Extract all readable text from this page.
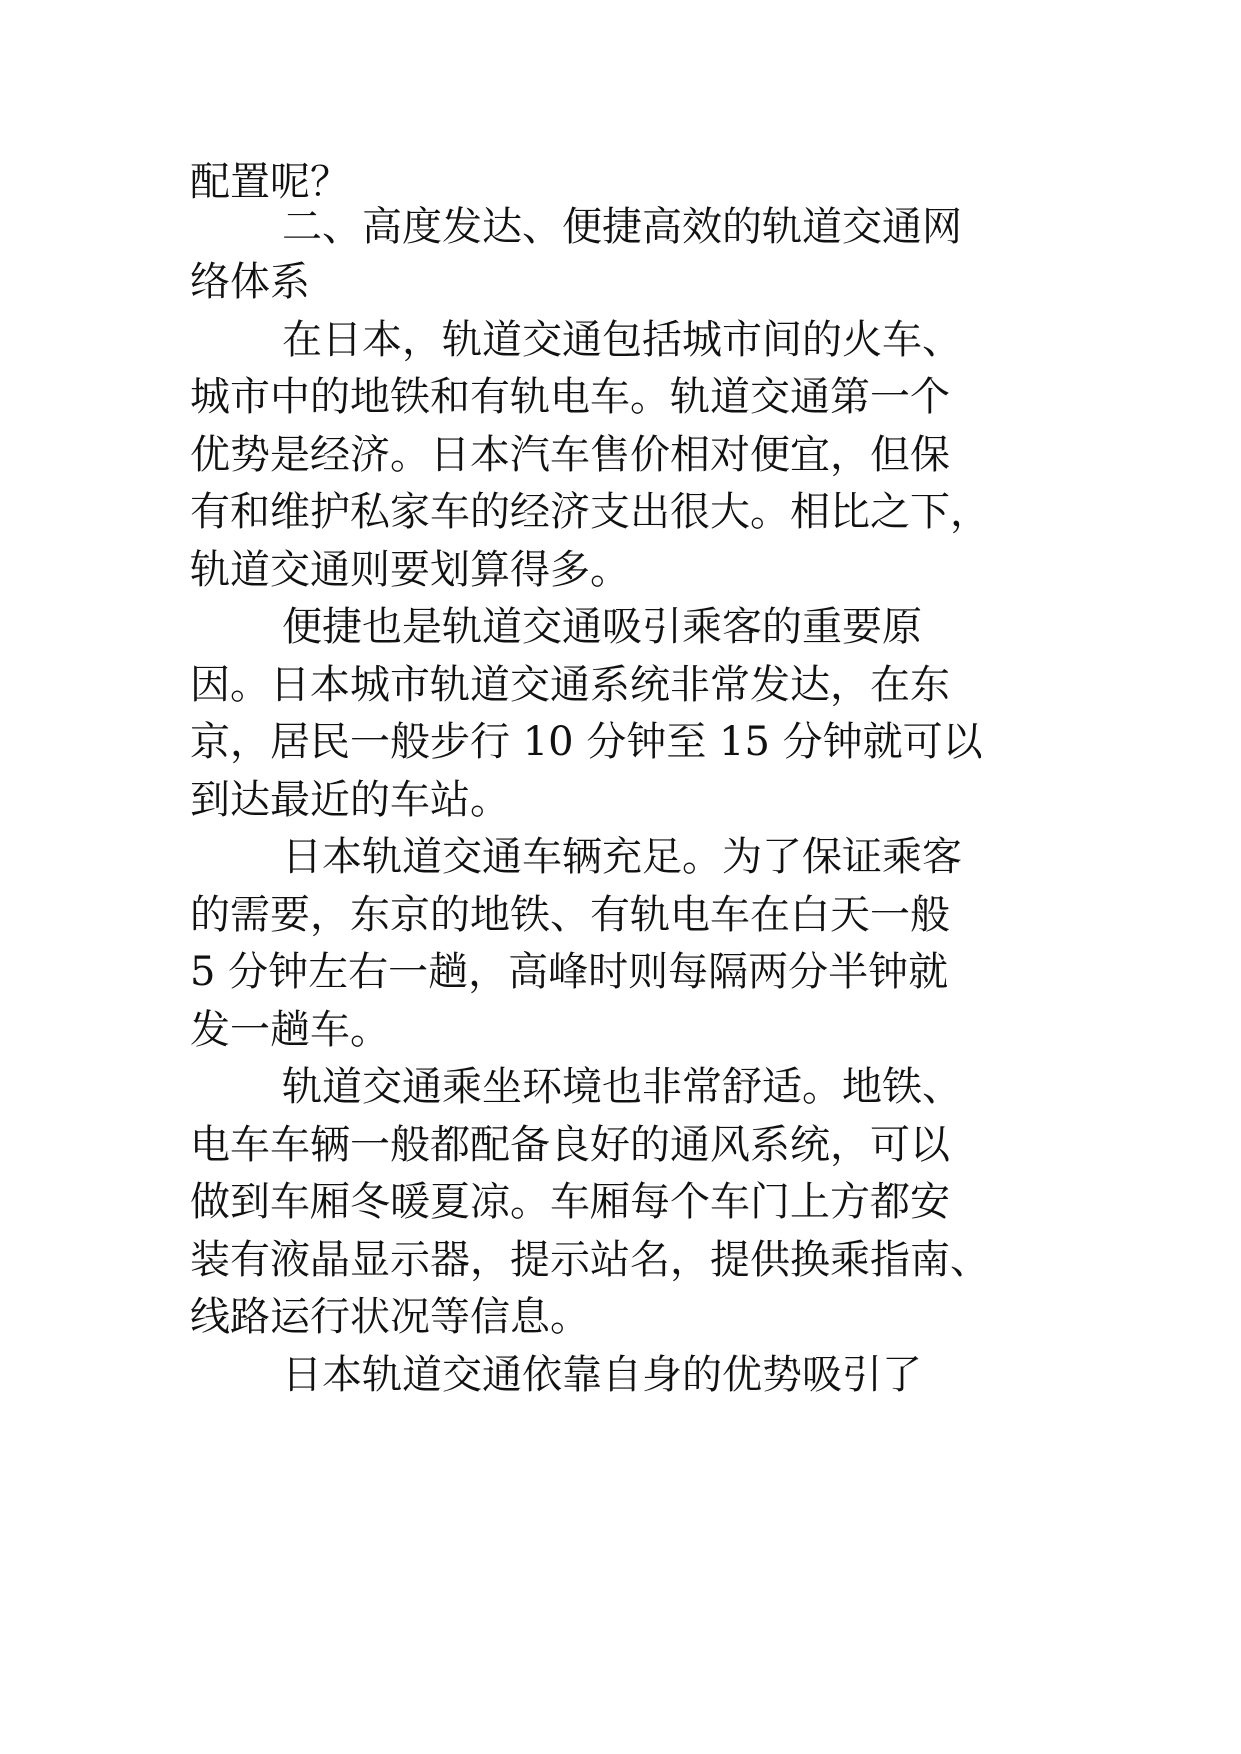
配置呢？
二、高度发达、便捷高效的轨道交通网
络体系
在日本，轨道交通包括城市间的火车、
城市中的地铁和有轨电车。轨道交通第一个
优势是经济。日本汽车售价相对便宜，但保
有和维护私家车的经济支出很大。相比之下，
轨道交通则要划算得多。
便捷也是轨道交通吸引乘客的重要原
因。日本城市轨道交通系统非常发达，在东
京，居民一般步行 10 分钟至 15 分钟就可以
到达最近的车站。
日本轨道交通车辆充足。为了保证乘客
的需要，东京的地铁、有轨电车在白天一般
5 分钟左右一趟，高峰时则每隔两分半钟就
发一趟车。
轨道交通乘坐环境也非常舒适。地铁、
电车车辆一般都配备良好的通风系统，可以
做到车厢冬暖夏凉。车厢每个车门上方都安
装有液晶显示器，提示站名，提供换乘指南、
线路运行状况等信息。
日本轨道交通依靠自身的优势吸引了
